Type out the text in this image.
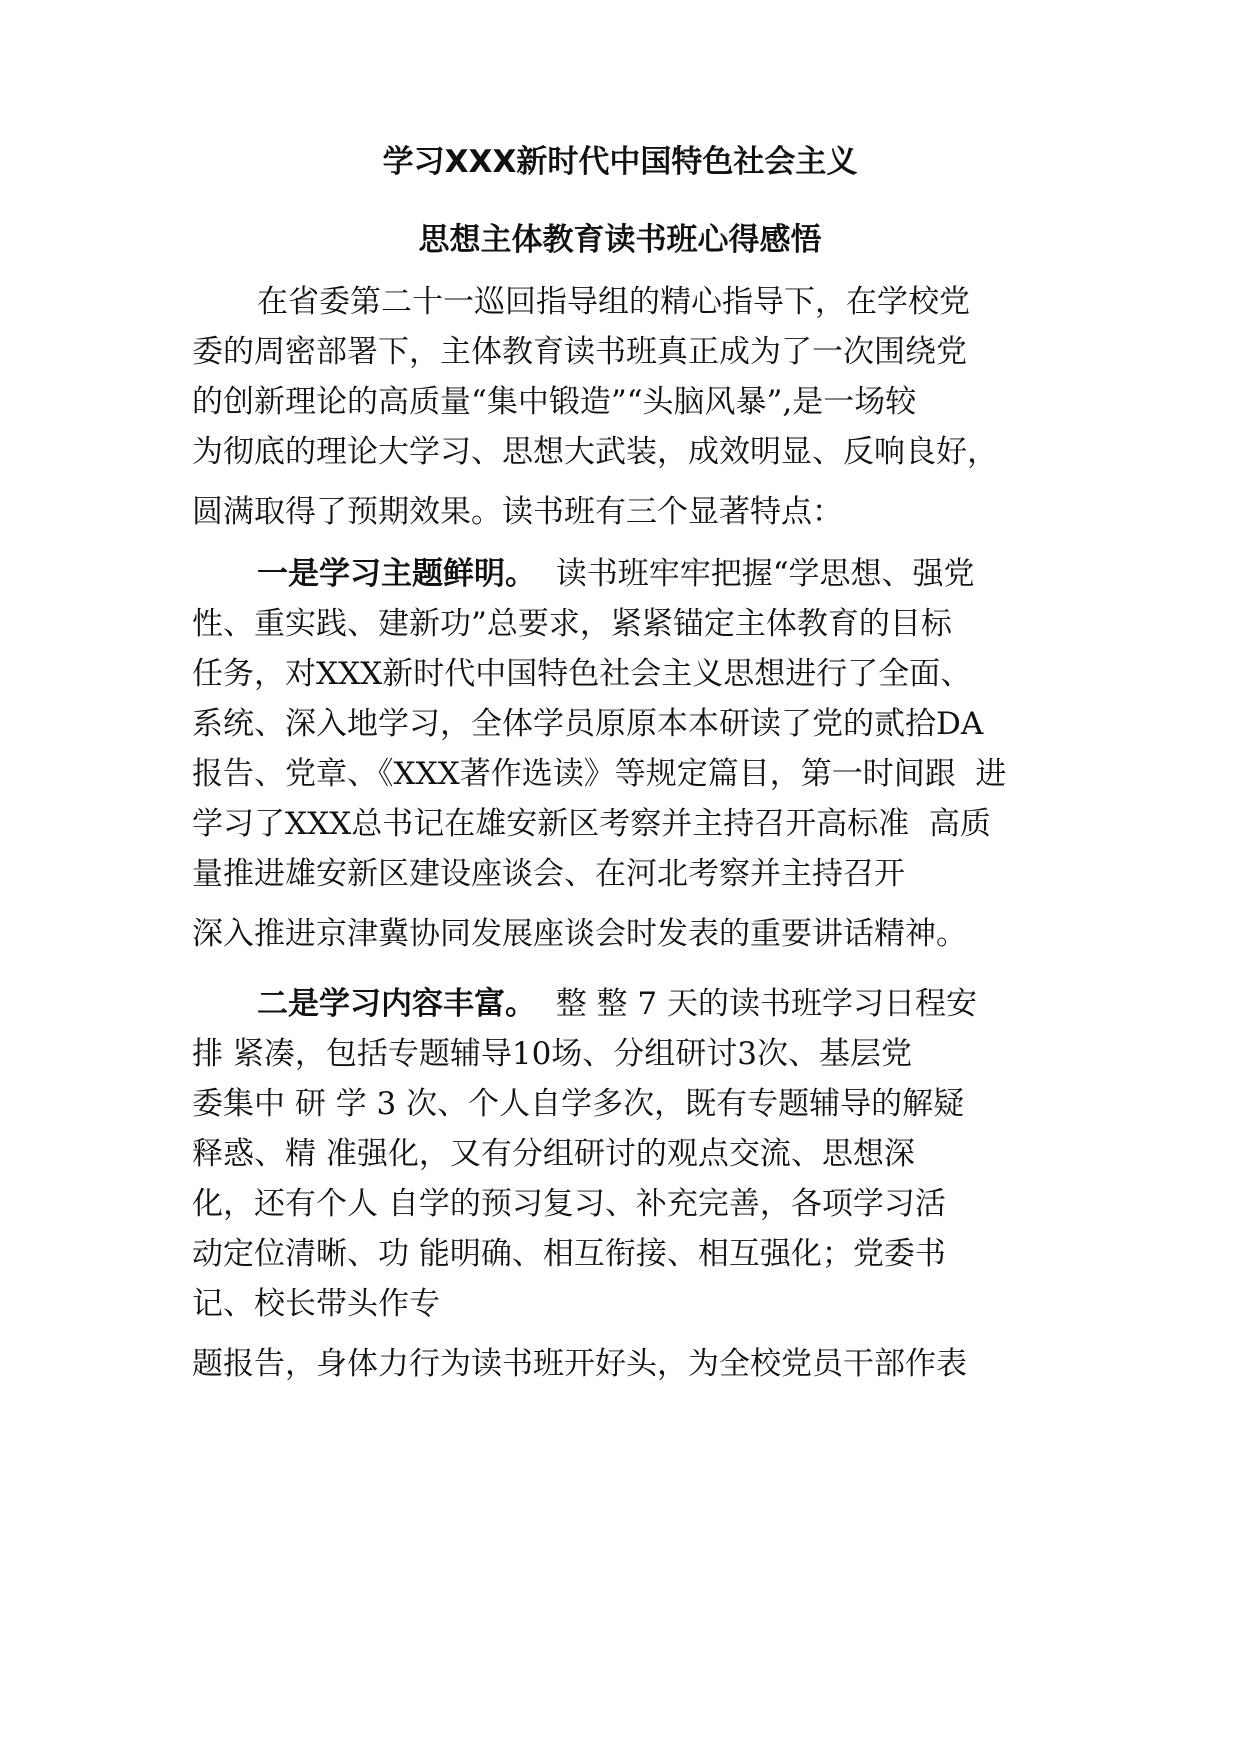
学习XXX新时代中国特色社会主义
思想主体教育读书班心得感悟
在省委第二十一巡回指导组的精心指导下，在学校党
委的周密部署下，主体教育读书班真正成为了一次围绕党
的创新理论的高质量“集中锻造”“头脑风暴”,是一场较
为彻底的理论大学习、思想大武装，成效明显、反响良好，
圆满取得了预期效果。读书班有三个显著特点：
一是学习主题鲜明。  读书班牢牢把握“学思想、强党
性、重实践、建新功”总要求，紧紧锚定主体教育的目标
任务，对XXX新时代中国特色社会主义思想进行了全面、
系统、深入地学习，全体学员原原本本研读了党的贰拾DA
报告、党章、《XXX著作选读》等规定篇目，第一时间跟  进
学习了XXX总书记在雄安新区考察并主持召开高标准  高质
量推进雄安新区建设座谈会、在河北考察并主持召开
深入推进京津冀协同发展座谈会时发表的重要讲话精神。
二是学习内容丰富。  整 整 7 天的读书班学习日程安
排 紧凑，包括专题辅导10场、分组研讨3次、基层党
委集中 研 学 3 次、个人自学多次，既有专题辅导的解疑
释惑、精 准强化，又有分组研讨的观点交流、思想深
化，还有个人 自学的预习复习、补充完善，各项学习活
动定位清晰、功 能明确、相互衔接、相互强化；党委书
记、校长带头作专
题报告，身体力行为读书班开好头，为全校党员干部作表
